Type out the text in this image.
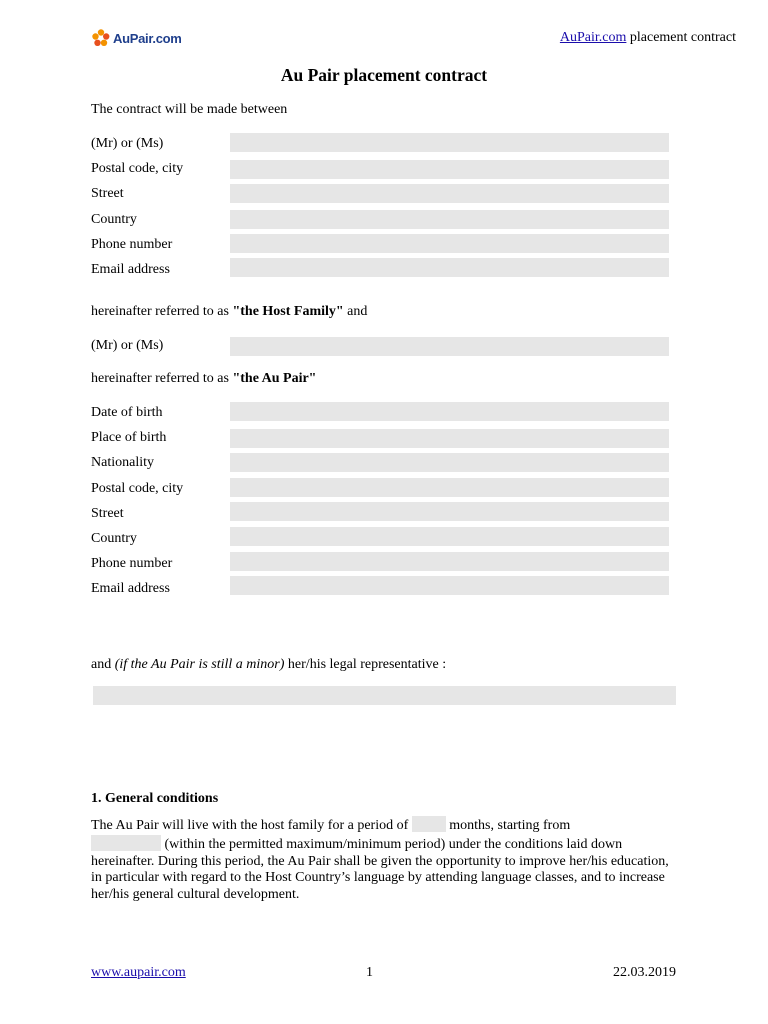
AuPair.com	AuPair.com placement contract
Au Pair placement contract
The contract will be made between
(Mr) or (Ms)
Postal code, city
Street
Country
Phone number
Email address
hereinafter referred to as "the Host Family" and
(Mr) or (Ms)
hereinafter referred to as "the Au Pair"
Date of birth
Place of birth
Nationality
Postal code, city
Street
Country
Phone number
Email address
and (if the Au Pair is still a minor) her/his legal representative :
1. General conditions
The Au Pair will live with the host family for a period of  months, starting from
(within the permitted maximum/minimum period) under the conditions laid down hereinafter. During this period, the Au Pair shall be given the opportunity to improve her/his education, in particular with regard to the Host Country’s language by attending language classes, and to increase her/his general cultural development.
www.aupair.com	1	22.03.2019
